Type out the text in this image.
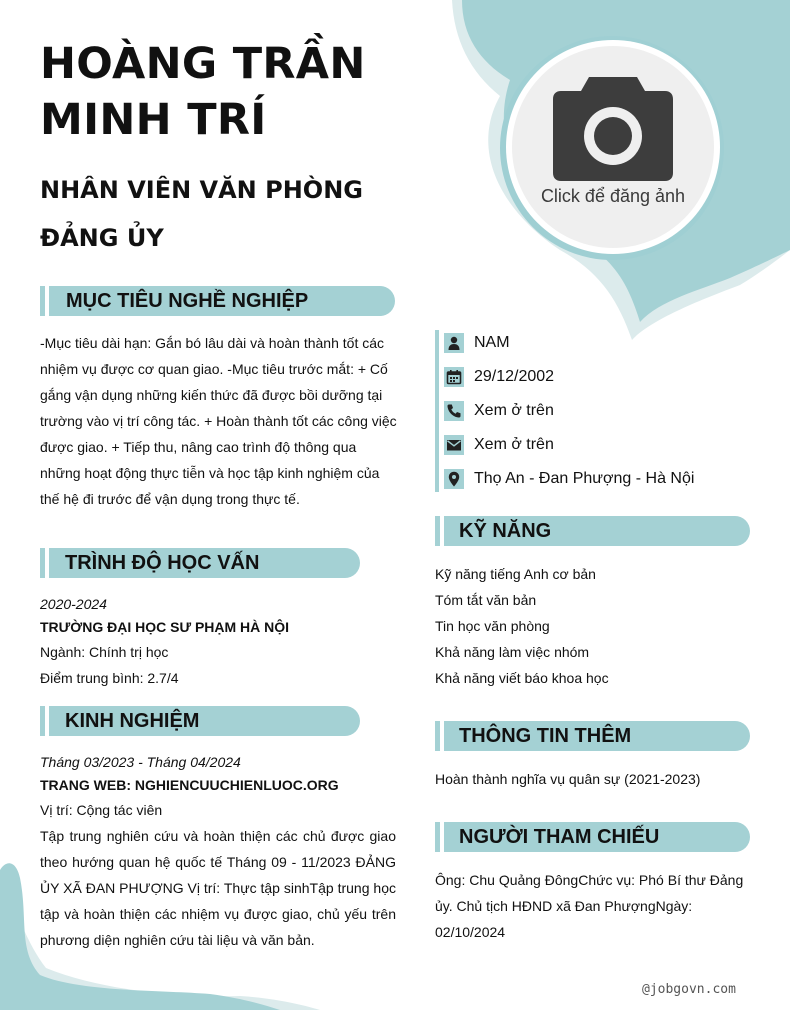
HOÀNG TRẦN
MINH TRÍ
NHÂN VIÊN VĂN PHÒNG
ĐẢNG ỦY
Click để đăng ảnh
MỤC TIÊU NGHỀ NGHIỆP
-Mục tiêu dài hạn: Gắn bó lâu dài và hoàn thành tốt các nhiệm vụ được cơ quan giao. -Mục tiêu trước mắt: + Cố gắng vận dụng những kiến thức đã được bồi dưỡng tại trường vào vị trí công tác. + Hoàn thành tốt các công việc được giao. + Tiếp thu, nâng cao trình độ thông qua những hoạt động thực tiễn và học tập kinh nghiệm của thế hệ đi trước để vận dụng trong thực tế.
TRÌNH ĐỘ HỌC VẤN
2020-2024
TRƯỜNG ĐẠI HỌC SƯ PHẠM HÀ NỘI
Ngành: Chính trị học
Điểm trung bình: 2.7/4
KINH NGHIỆM
Tháng 03/2023 - Tháng 04/2024
TRANG WEB: NGHIENCUUCHIENLUOC.ORG
Vị trí: Cộng tác viên
Tập trung nghiên cứu và hoàn thiện các chủ được giao theo hướng quan hệ quốc tế Tháng 09 - 11/2023 ĐẢNG ỦY XÃ ĐAN PHƯỢNG Vị trí: Thực tập sinhTập trung học tập và hoàn thiện các nhiệm vụ được giao, chủ yếu trên phương diện nghiên cứu tài liệu và văn bản.
NAM
29/12/2002
Xem ở trên
Xem ở trên
Thọ An - Đan Phượng - Hà Nội
KỸ NĂNG
Kỹ năng tiếng Anh cơ bản
Tóm tắt văn bản
Tin học văn phòng
Khả năng làm việc nhóm
Khả năng viết báo khoa học
THÔNG TIN THÊM
Hoàn thành nghĩa vụ quân sự (2021-2023)
NGƯỜI THAM CHIẾU
Ông: Chu Quảng ĐôngChức vụ: Phó Bí thư Đảng ủy. Chủ tịch HĐND xã Đan PhượngNgày: 02/10/2024
@jobgovn.com
